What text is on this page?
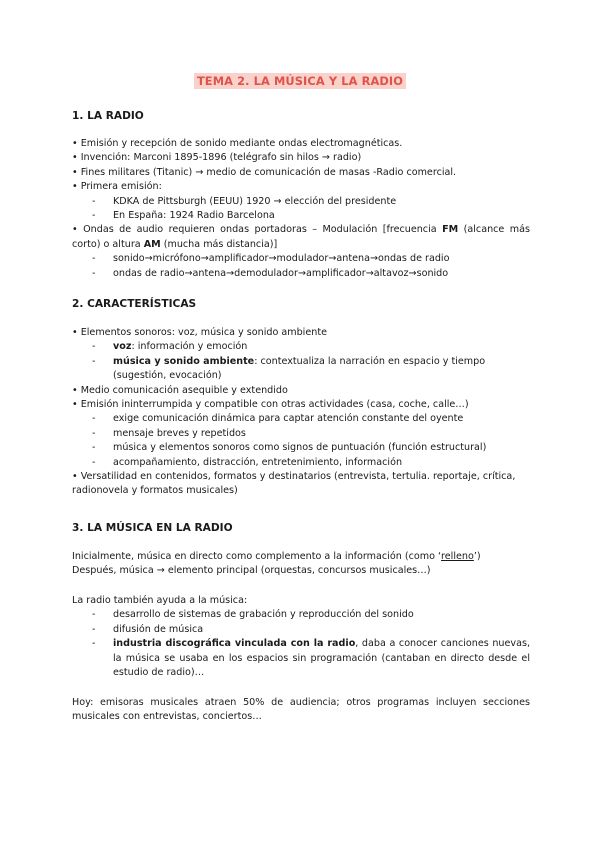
TEMA 2. LA MÚSICA Y LA RADIO
1. LA RADIO
• Emisión y recepción de sonido mediante ondas electromagnéticas.
• Invención: Marconi 1895-1896 (telégrafo sin hilos → radio)
• Fines militares (Titanic) → medio de comunicación de masas -Radio comercial.
• Primera emisión:
-	KDKA de Pittsburgh (EEUU) 1920 → elección del presidente
-	En España: 1924 Radio Barcelona
• Ondas de audio requieren ondas portadoras – Modulación [frecuencia FM (alcance más corto) o altura AM (mucha más distancia)]
-	sonido→micrófono→amplificador→modulador→antena→ondas de radio
-	ondas de radio→antena→demodulador→amplificador→altavoz→sonido
2. CARACTERÍSTICAS
• Elementos sonoros: voz, música y sonido ambiente
-	voz: información y emoción
-	música y sonido ambiente: contextualiza la narración en espacio y tiempo (sugestión, evocación)
• Medio comunicación asequible y extendido
• Emisión ininterrumpida y compatible con otras actividades (casa, coche, calle…)
-	exige comunicación dinámica para captar atención constante del oyente
-	mensaje breves y repetidos
-	música y elementos sonoros como signos de puntuación (función estructural)
-	acompañamiento, distracción, entretenimiento, información
• Versatilidad en contenidos, formatos y destinatarios (entrevista, tertulia. reportaje, crítica, radionovela y formatos musicales)
3. LA MÚSICA EN LA RADIO
Inicialmente, música en directo como complemento a la información (como ‘relleno’)
Después, música → elemento principal (orquestas, concursos musicales…)
La radio también ayuda a la música:
-	desarrollo de sistemas de grabación y reproducción del sonido
-	difusión de música
-	industria discográfica vinculada con la radio, daba a conocer canciones nuevas, la música se usaba en los espacios sin programación (cantaban en directo desde el estudio de radio)…
Hoy: emisoras musicales atraen 50% de audiencia; otros programas incluyen secciones musicales con entrevistas, conciertos…
